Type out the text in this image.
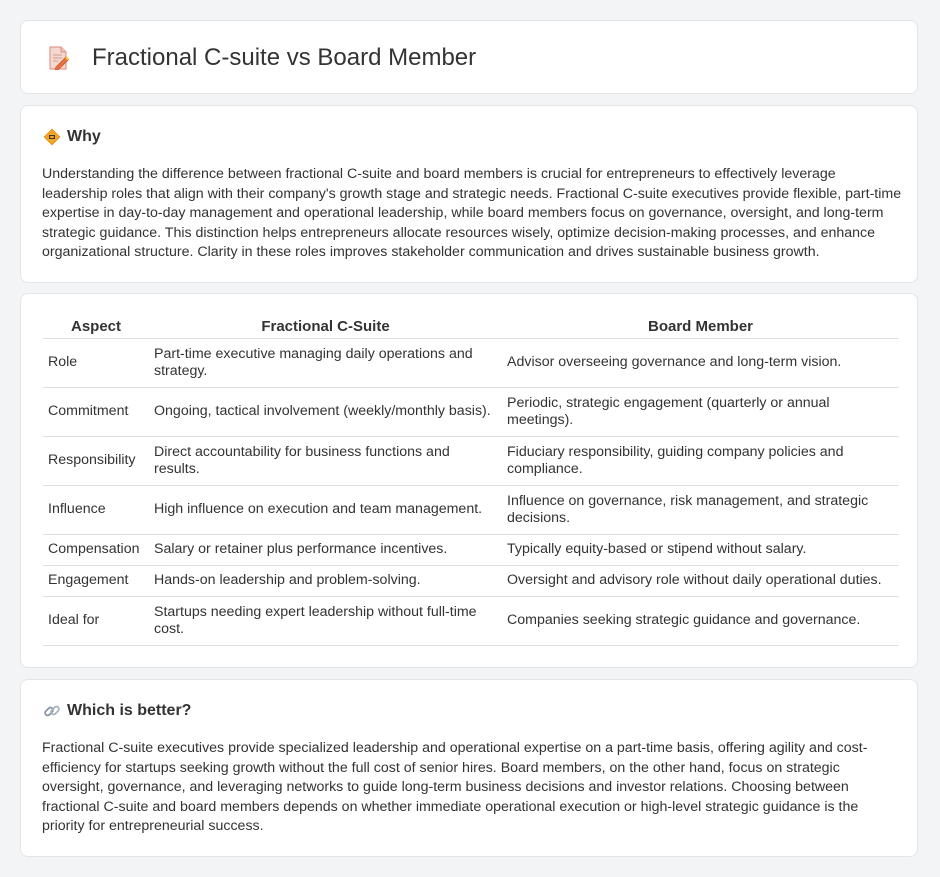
Fractional C-suite vs Board Member
Why

Understanding the difference between fractional C-suite and board members is crucial for entrepreneurs to effectively leverage leadership roles that align with their company's growth stage and strategic needs. Fractional C-suite executives provide flexible, part-time expertise in day-to-day management and operational leadership, while board members focus on governance, oversight, and long-term strategic guidance. This distinction helps entrepreneurs allocate resources wisely, optimize decision-making processes, and enhance organizational structure. Clarity in these roles improves stakeholder communication and drives sustainable business growth.

Aspect	Fractional C-Suite	Board Member
Role	Part-time executive managing daily operations and strategy.	Advisor overseeing governance and long-term vision.
Commitment	Ongoing, tactical involvement (weekly/monthly basis).	Periodic, strategic engagement (quarterly or annual meetings).
Responsibility	Direct accountability for business functions and results.	Fiduciary responsibility, guiding company policies and compliance.
Influence	High influence on execution and team management.	Influence on governance, risk management, and strategic decisions.
Compensation	Salary or retainer plus performance incentives.	Typically equity-based or stipend without salary.
Engagement	Hands-on leadership and problem-solving.	Oversight and advisory role without daily operational duties.
Ideal for	Startups needing expert leadership without full-time cost.	Companies seeking strategic guidance and governance.
Which is better?

Fractional C-suite executives provide specialized leadership and operational expertise on a part-time basis, offering agility and cost-efficiency for startups seeking growth without the full cost of senior hires. Board members, on the other hand, focus on strategic oversight, governance, and leveraging networks to guide long-term business decisions and investor relations. Choosing between fractional C-suite and board members depends on whether immediate operational execution or high-level strategic guidance is the priority for entrepreneurial success.
